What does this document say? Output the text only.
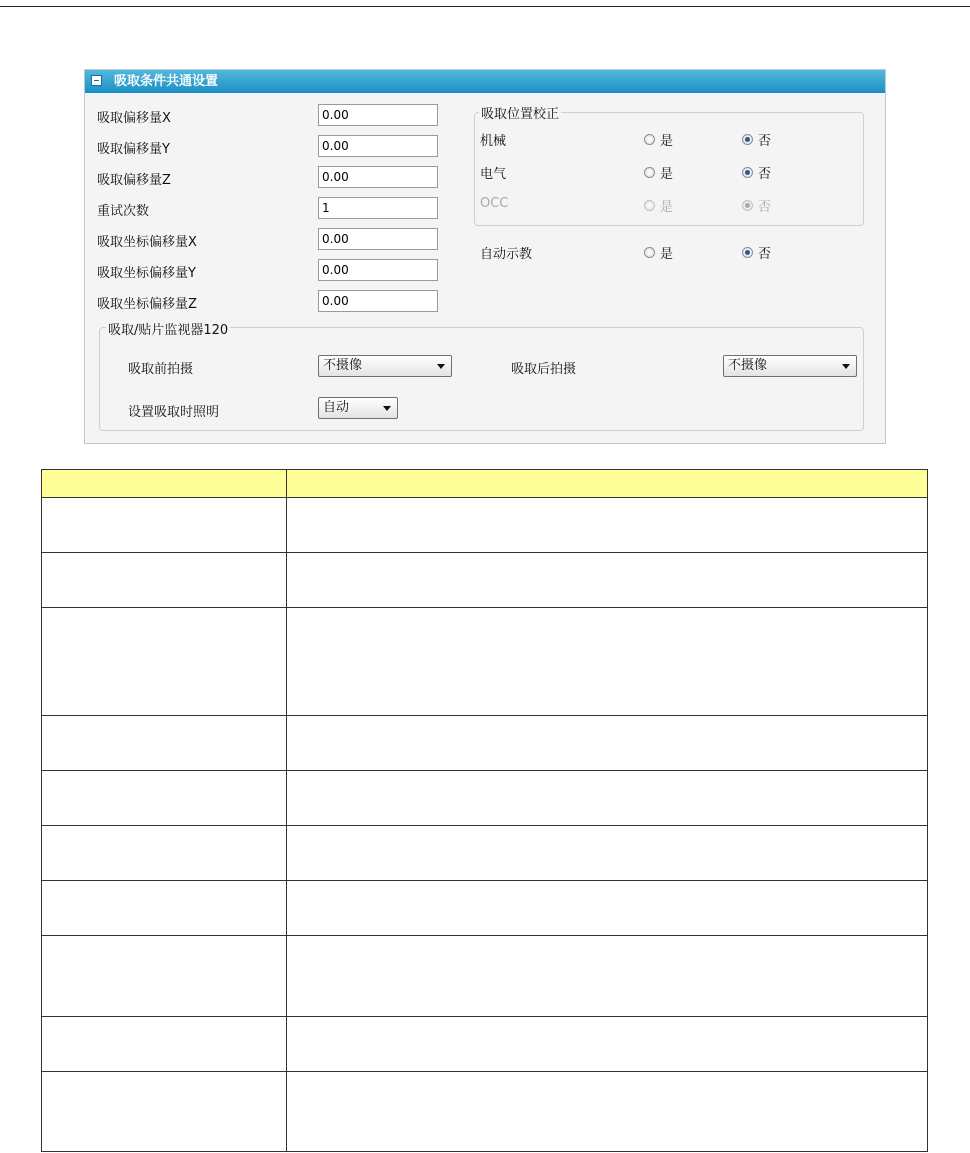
吸取条件共通设置
吸取偏移量X
0.00
吸取偏移量Y
0.00
吸取偏移量Z
0.00
重试次数
1
吸取坐标偏移量X
0.00
吸取坐标偏移量Y
0.00
吸取坐标偏移量Z
0.00
吸取位置校正
机械	是	否
电气	是	否
OCC	是	否
自动示教	是	否
吸取/贴片监视器120
吸取前拍摄	不摄像	吸取后拍摄	不摄像
设置吸取时照明	自动
